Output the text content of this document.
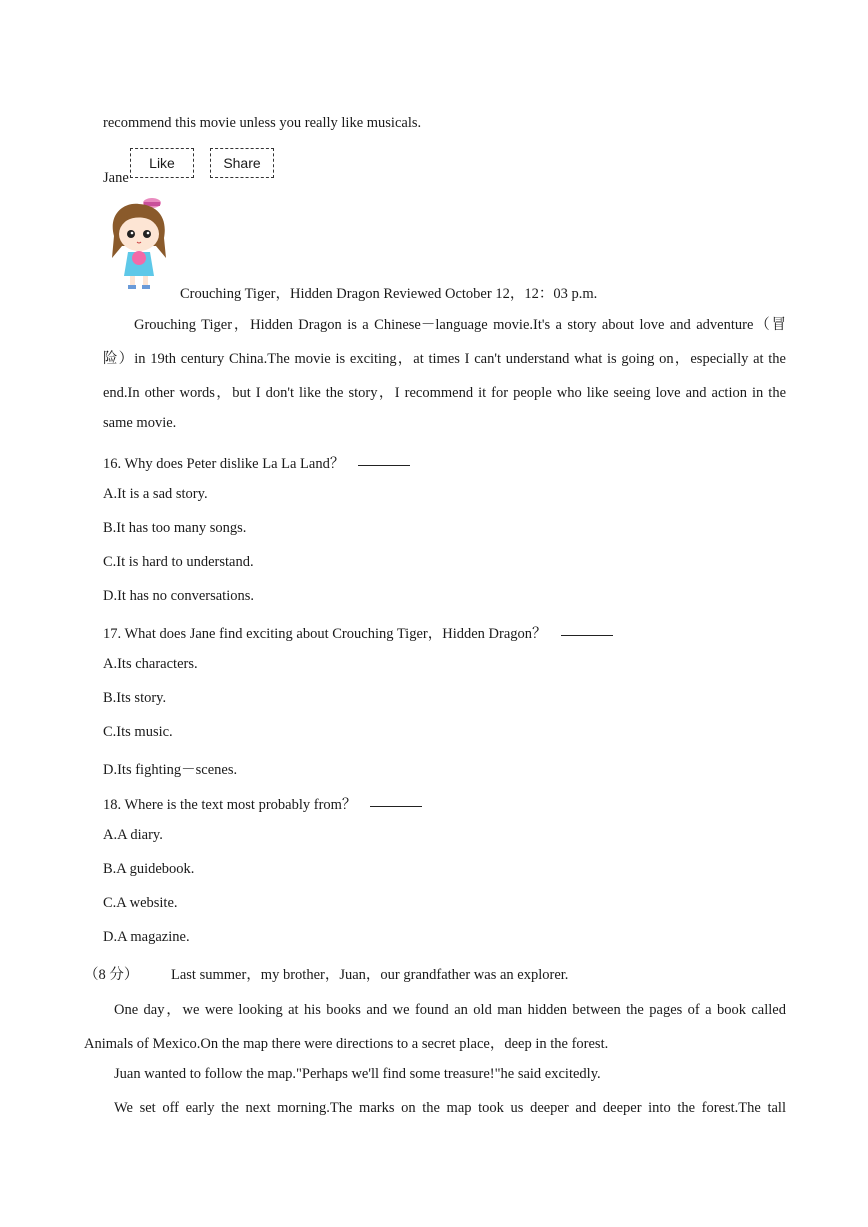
recommend this movie unless you really like musicals.
Like	Share
Jane
Crouching Tiger，Hidden Dragon Reviewed October 12，12：03 p.m.
Grouching Tiger，Hidden Dragon is a Chinese－language movie.It's a story about love and adventure（冒
险）in 19th century China.The movie is exciting，at times I can't understand what is going on，especially at the
end.In other words，but I don't like the story，I recommend it for people who like seeing love and action in the
same movie.
16. Why does Peter dislike La La Land？
A.It is a sad story.
B.It has too many songs.
C.It is hard to understand.
D.It has no conversations.
17. What does Jane find exciting about Crouching Tiger，Hidden Dragon？
A.Its characters.
B.Its story.
C.Its music.
D.Its fighting－scenes.
18. Where is the text most probably from？
A.A diary.
B.A guidebook.
C.A website.
D.A magazine.
（8 分） Last summer，my brother，Juan，our grandfather was an explorer.
One day，we were looking at his books and we found an old man hidden between the pages of a book called
Animals of Mexico.On the map there were directions to a secret place，deep in the forest.
Juan wanted to follow the map."Perhaps we'll find some treasure!"he said excitedly.
We set off early the next morning.The marks on the map took us deeper and deeper into the forest.The tall
